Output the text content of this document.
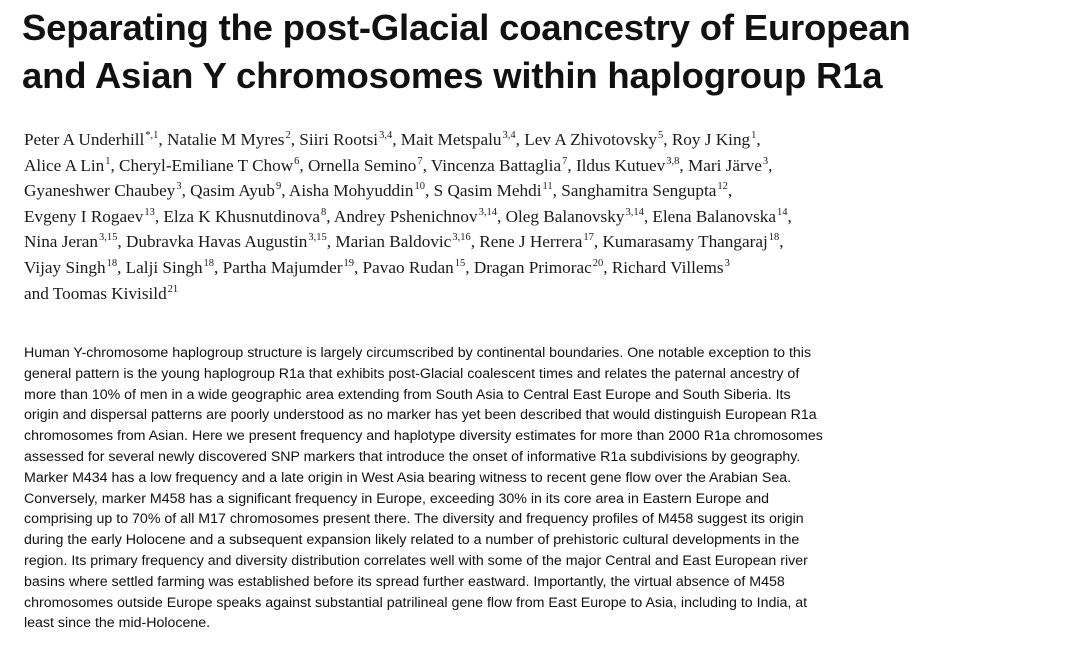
Separating the post-Glacial coancestry of European
and Asian Y chromosomes within haplogroup R1a
Peter A Underhill$^{*,1}$, Natalie M Myres$^2$, Siiri Rootsi$^{3,4}$, Mait Metspalu$^{3,4}$, Lev A Zhivotovsky$^5$, Roy J King$^1$,
Alice A Lin$^1$, Cheryl-Emiliane T Chow$^6$, Ornella Semino$^7$, Vincenza Battaglia$^7$, Ildus Kutuev$^{3,8}$, Mari Järve$^3$,
Gyaneshwer Chaubey$^3$, Qasim Ayub$^9$, Aisha Mohyuddin$^{10}$, S Qasim Mehdi$^{11}$, Sanghamitra Sengupta$^{12}$,
Evgeny I Rogaev$^{13}$, Elza K Khusnutdinova$^8$, Andrey Pshenichnov$^{3,14}$, Oleg Balanovsky$^{3,14}$, Elena Balanovska$^{14}$,
Nina Jeran$^{3,15}$, Dubravka Havas Augustin$^{3,15}$, Marian Baldovic$^{3,16}$, Rene J Herrera$^{17}$, Kumarasamy Thangaraj$^{18}$,
Vijay Singh$^{18}$, Lalji Singh$^{18}$, Partha Majumder$^{19}$, Pavao Rudan$^{15}$, Dragan Primorac$^{20}$, Richard Villems$^3$
and Toomas Kivisild$^{21}$
Human Y-chromosome haplogroup structure is largely circumscribed by continental boundaries. One notable exception to this
general pattern is the young haplogroup R1a that exhibits post-Glacial coalescent times and relates the paternal ancestry of
more than 10% of men in a wide geographic area extending from South Asia to Central East Europe and South Siberia. Its
origin and dispersal patterns are poorly understood as no marker has yet been described that would distinguish European R1a
chromosomes from Asian. Here we present frequency and haplotype diversity estimates for more than 2000 R1a chromosomes
assessed for several newly discovered SNP markers that introduce the onset of informative R1a subdivisions by geography.
Marker M434 has a low frequency and a late origin in West Asia bearing witness to recent gene flow over the Arabian Sea.
Conversely, marker M458 has a significant frequency in Europe, exceeding 30% in its core area in Eastern Europe and
comprising up to 70% of all M17 chromosomes present there. The diversity and frequency profiles of M458 suggest its origin
during the early Holocene and a subsequent expansion likely related to a number of prehistoric cultural developments in the
region. Its primary frequency and diversity distribution correlates well with some of the major Central and East European river
basins where settled farming was established before its spread further eastward. Importantly, the virtual absence of M458
chromosomes outside Europe speaks against substantial patrilineal gene flow from East Europe to Asia, including to India, at
least since the mid-Holocene.
